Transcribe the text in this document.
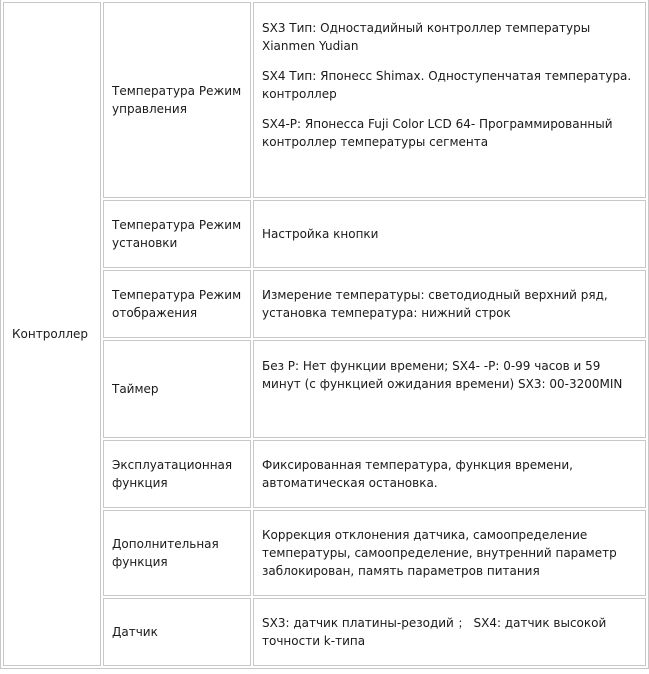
Контроллер	Температура Режим управления	SX3 Тип: Одностадийный контроллер температуры Xianmen Yudian

SX4 Тип: Японесс Shimax. Одноступенчатая температура. контроллер

SX4-P: Японесса Fuji Color LCD 64- Программированный контроллер температуры сегмента

	Температура Режим установки	Настройка кнопки
	Температура Режим отображения	Измерение температуры: светодиодный верхний ряд, установка температура: нижний строк
	Таймер	Без P: Нет функции времени; SX4- -P: 0-99 часов и 59 минут (с функцией ожидания времени) SX3: 00-3200MIN
	Эксплуатационная функция	Фиксированная температура, функция времени, автоматическая остановка.
	Дополнительная функция	Коррекция отклонения датчика, самоопределение температуры, самоопределение, внутренний параметр заблокирован, память параметров питания
	Датчик	SX3: датчик платины-резодий ； SX4: датчик высокой точности k-типа
